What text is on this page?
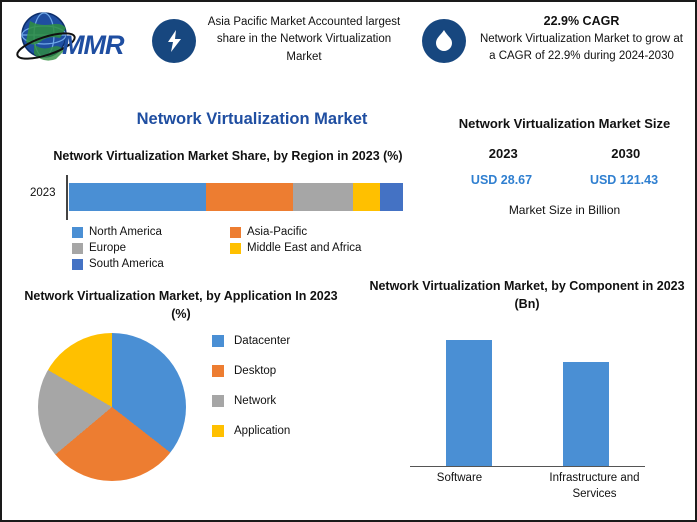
MMR
Asia Pacific Market Accounted largest share in the Network Virtualization Market
22.9% CAGR
Network Virtualization Market to grow at a CAGR of 22.9% during 2024-2030
Network Virtualization Market
Network Virtualization Market Share, by Region in 2023 (%)
2023
North America	Asia-Pacific
Europe	Middle East and Africa
South America
Network Virtualization Market Size
2023	2030
USD 28.67	USD 121.43
Market Size in Billion
Network Virtualization Market, by Application In 2023 (%)
Datacenter
Desktop
Network
Application
Network Virtualization Market, by Component in 2023 (Bn)
Software	Infrastructure and Services
